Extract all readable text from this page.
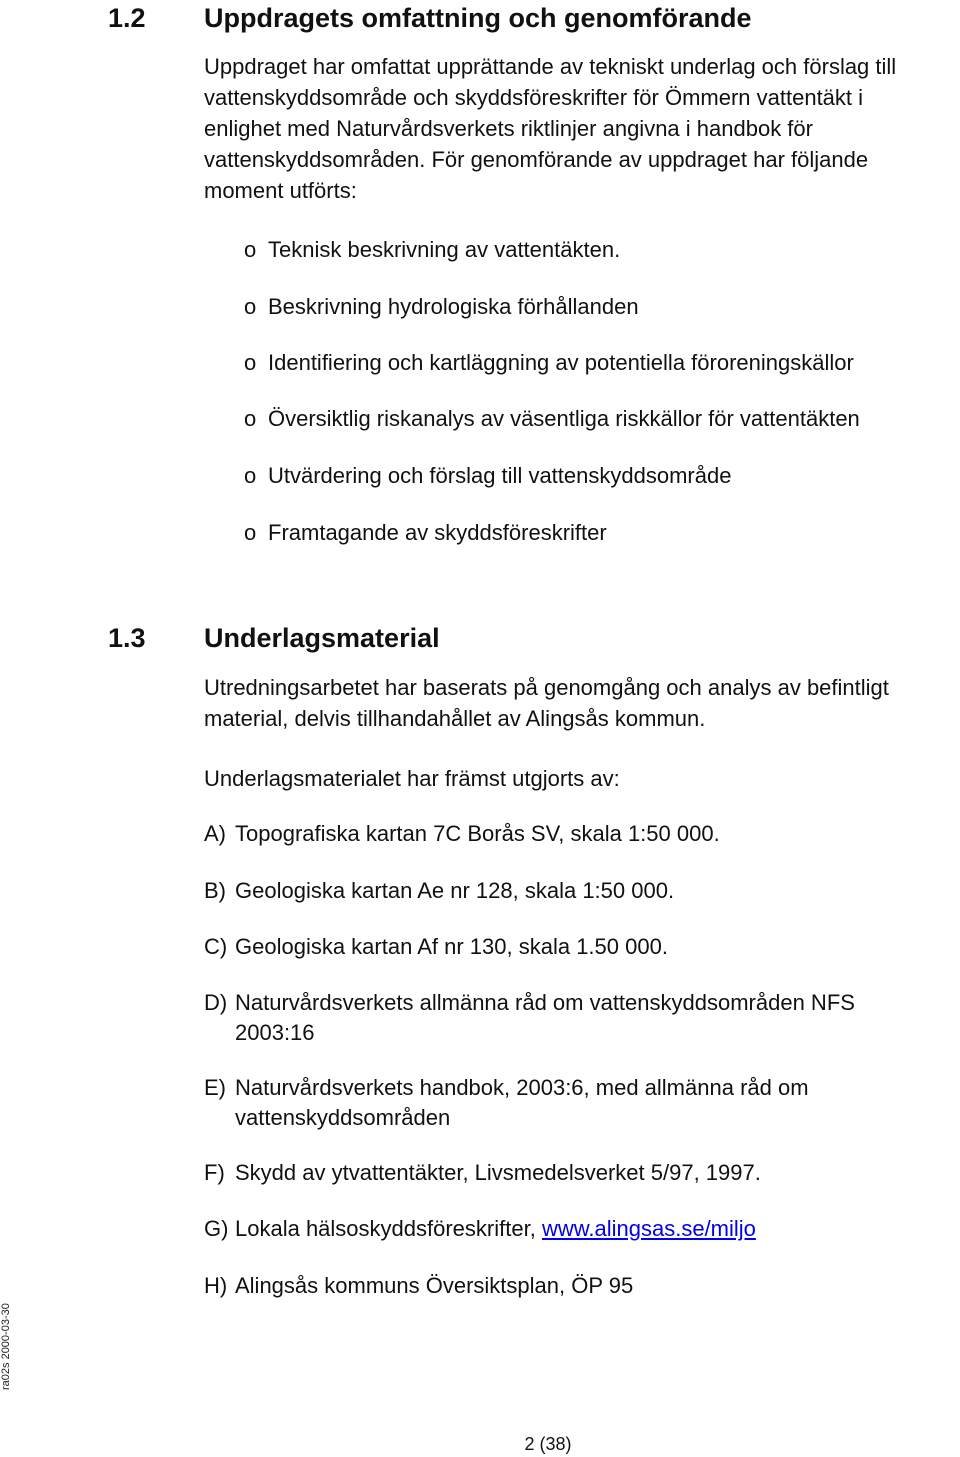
1.2 Uppdragets omfattning och genomförande
Uppdraget har omfattat upprättande av tekniskt underlag och förslag till vattenskyddsområde och skyddsföreskrifter för Ömmern vattentäkt i enlighet med Naturvårdsverkets riktlinjer angivna i handbok för vattenskyddsområden. För genomförande av uppdraget har följande moment utförts:
o Teknisk beskrivning av vattentäkten.
o Beskrivning hydrologiska förhållanden
o Identifiering och kartläggning av potentiella föroreningskällor
o Översiktlig riskanalys av väsentliga riskkällor för vattentäkten
o Utvärdering och förslag till vattenskyddsområde
o Framtagande av skyddsföreskrifter
1.3 Underlagsmaterial
Utredningsarbetet har baserats på genomgång och analys av befintligt material, delvis tillhandahållet av Alingsås kommun.
Underlagsmaterialet har främst utgjorts av:
A) Topografiska kartan 7C Borås SV, skala 1:50 000.
B) Geologiska kartan Ae nr 128, skala 1:50 000.
C) Geologiska kartan Af nr 130, skala 1.50 000.
D) Naturvårdsverkets allmänna råd om vattenskyddsområden NFS 2003:16
E) Naturvårdsverkets handbok, 2003:6, med allmänna råd om vattenskyddsområden
F) Skydd av ytvattentäkter, Livsmedelsverket 5/97, 1997.
G) Lokala hälsoskyddsföreskrifter, www.alingsas.se/miljo
H) Alingsås kommuns Översiktsplan, ÖP 95
ra02s 2000-03-30
2 (38)
